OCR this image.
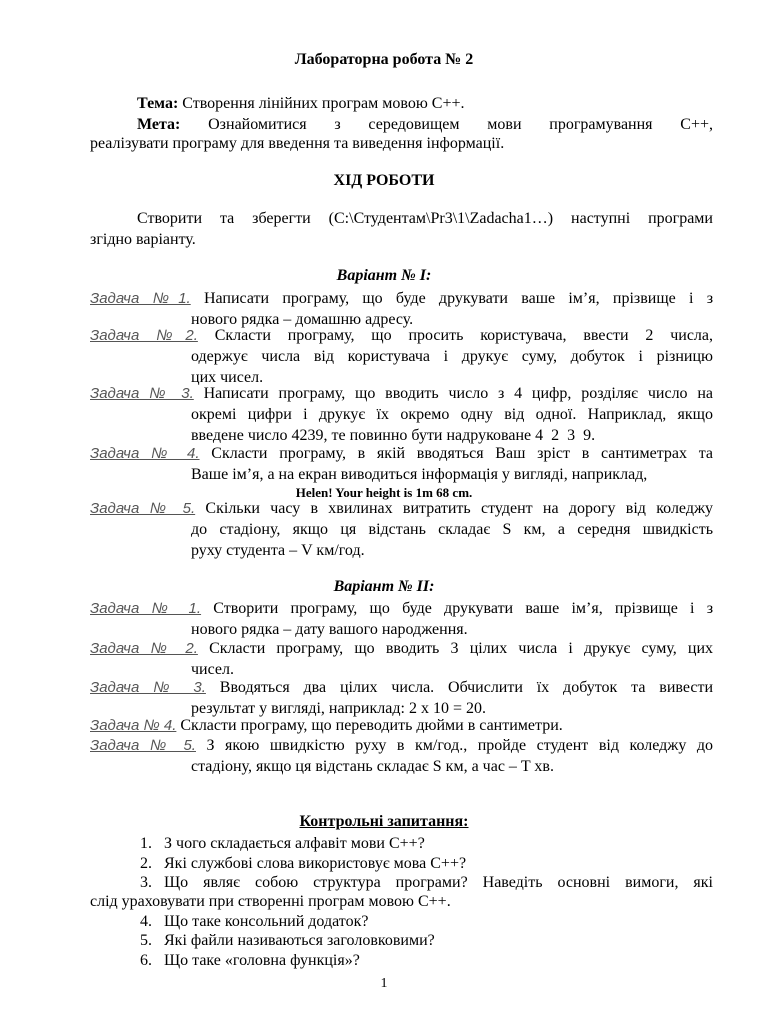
Лабораторна робота № 2
Тема: Створення лінійних програм мовою С++.
Мета: Ознайомитися з середовищем мови програмування С++,
реалізувати програму для введення та виведення інформації.
ХІД РОБОТИ
Створити та зберегти (С:\Студентам\Pr3\1\Zadacha1…) наступні програми
згідно варіанту.
Варіант № І:
Задача №1. Написати програму, що буде друкувати ваше ім’я, прізвище і з
нового рядка – домашню адресу.
Задача №2. Скласти програму, що просить користувача, ввести 2 числа,
одержує числа від користувача і друкує суму, добуток і різницю
цих чисел.
Задача № 3. Написати програму, що вводить число з 4 цифр, розділяє число на
окремі цифри і друкує їх окремо одну від одної. Наприклад, якщо
введене число 4239, те повинно бути надруковане 4  2  3  9.
Задача № 4. Скласти програму, в якій вводяться Ваш зріст в сантиметрах та
Ваше ім’я, а на екран виводиться інформація у вигляді, наприклад,
Helen! Your height is 1m 68 cm.
Задача № 5. Скільки часу в хвилинах витратить студент на дорогу від коледжу
до стадіону, якщо ця відстань складає S км, а середня швидкість
руху студента – V км/год.
Варіант № ІІ:
Задача № 1. Створити програму, що буде друкувати ваше ім’я, прізвище і з
нового рядка – дату вашого народження.
Задача № 2. Скласти програму, що вводить 3 цілих числа і друкує суму, цих
чисел.
Задача № 3. Вводяться два цілих числа. Обчислити їх добуток та вивести
результат у вигляді, наприклад: 2 х 10 = 20.
Задача № 4. Скласти програму, що переводить дюйми в сантиметри.
Задача № 5. З якою швидкістю руху в км/год., пройде студент від коледжу до
стадіону, якщо ця відстань складає S км, а час – T хв.
Контрольні запитання:
1. З чого складається алфавіт мови С++?
2. Які службові слова використовує мова С++?
3. Що являє собою структура програми? Наведіть основні вимоги, які
слід ураховувати при створенні програм мовою С++.
4. Що таке консольний додаток?
5. Які файли називаються заголовковими?
6. Що таке «головна функція»?
1
